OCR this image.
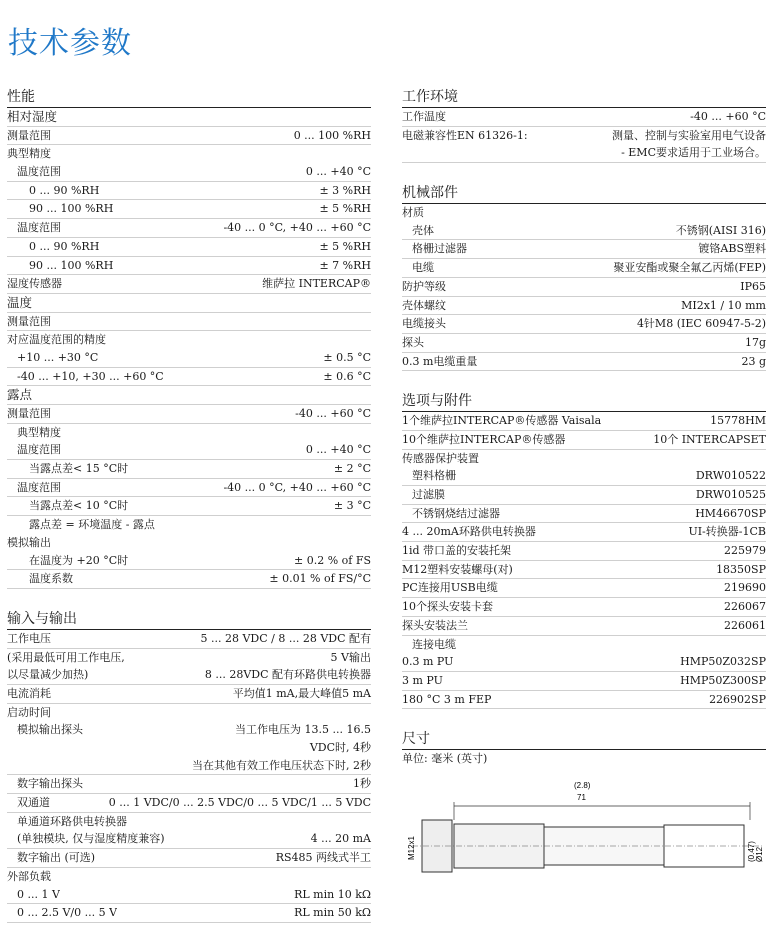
技术参数
性能
相对湿度
测量范围	0 ... 100 %RH
典型精度
温度范围	0 ... +40 °C
0 ... 90 %RH	± 3 %RH
90 ... 100 %RH	± 5 %RH
温度范围	-40 ... 0 °C, +40 ... +60 °C
0 ... 90 %RH	± 5 %RH
90 ... 100 %RH	± 7 %RH
湿度传感器	维萨拉 INTERCAP®
温度
测量范围
对应温度范围的精度
+10 ... +30 °C	± 0.5 °C
-40 ... +10, +30 ... +60 °C	± 0.6 °C
露点
测量范围	-40 ... +60 °C
典型精度
温度范围	0 ... +40 °C
当露点差< 15 °C时	± 2 °C
温度范围	-40 ... 0 °C, +40 ... +60 °C
当露点差< 10 °C时	± 3 °C
露点差 = 环境温度 - 露点
模拟输出
在温度为 +20 °C时	± 0.2 % of FS
温度系数	± 0.01 % of FS/°C
输入与输出
工作电压	5 ... 28 VDC / 8 ... 28 VDC 配有
(采用最低可用工作电压,	5 V输出
以尽量减少加热)	8 ... 28VDC 配有环路供电转换器
电流消耗	平均值1 mA,最大峰值5 mA
启动时间
模拟输出探头	当工作电压为 13.5 ... 16.5
VDC时, 4秒
当在其他有效工作电压状态下时, 2秒
数字输出探头	1秒
双通道	0 ... 1 VDC/0 ... 2.5 VDC/0 ... 5 VDC/1 ... 5 VDC
单通道环路供电转换器
(单独模块, 仅与湿度精度兼容)	4 ... 20 mA
数字输出 (可选)	RS485 两线式半工
外部负载
0 ... 1 V	RL min 10 kΩ
0 ... 2.5 V/0 ... 5 V	RL min 50 kΩ
工作环境
工作温度	-40 ... +60 °C
电磁兼容性EN 61326-1:	测量、控制与实验室用电气设备
- EMC要求适用于工业场合。
机械部件
材质
壳体	不锈钢(AISI 316)
格栅过滤器	镀铬ABS塑料
电缆	聚亚安酯或聚全氟乙丙烯(FEP)
防护等级	IP65
壳体螺纹	MI2x1 / 10 mm
电缆接头	4针M8 (IEC 60947-5-2)
探头	17g
0.3 m电缆重量	23 g
选项与附件
1个维萨拉INTERCAP®传感器 Vaisala	15778HM
10个维萨拉INTERCAP®传感器	10个 INTERCAPSET
传感器保护装置
塑料格栅	DRW010522
过滤膜	DRW010525
不锈钢烧结过滤器	HM46670SP
4 ... 20mA环路供电转换器	UI-转换器-1CB
1id 带口盖的安装托架	225979
M12塑料安装螺母(对)	18350SP
PC连接用USB电缆	219690
10个探头安装卡套	226067
探头安装法兰	226061
连接电缆
0.3 m PU	HMP50Z032SP
3 m PU	HMP50Z300SP
180 °C 3 m FEP	226902SP
尺寸
单位: 毫米 (英寸)
(2.8)
71
M12x1	(0.47) Ø12
